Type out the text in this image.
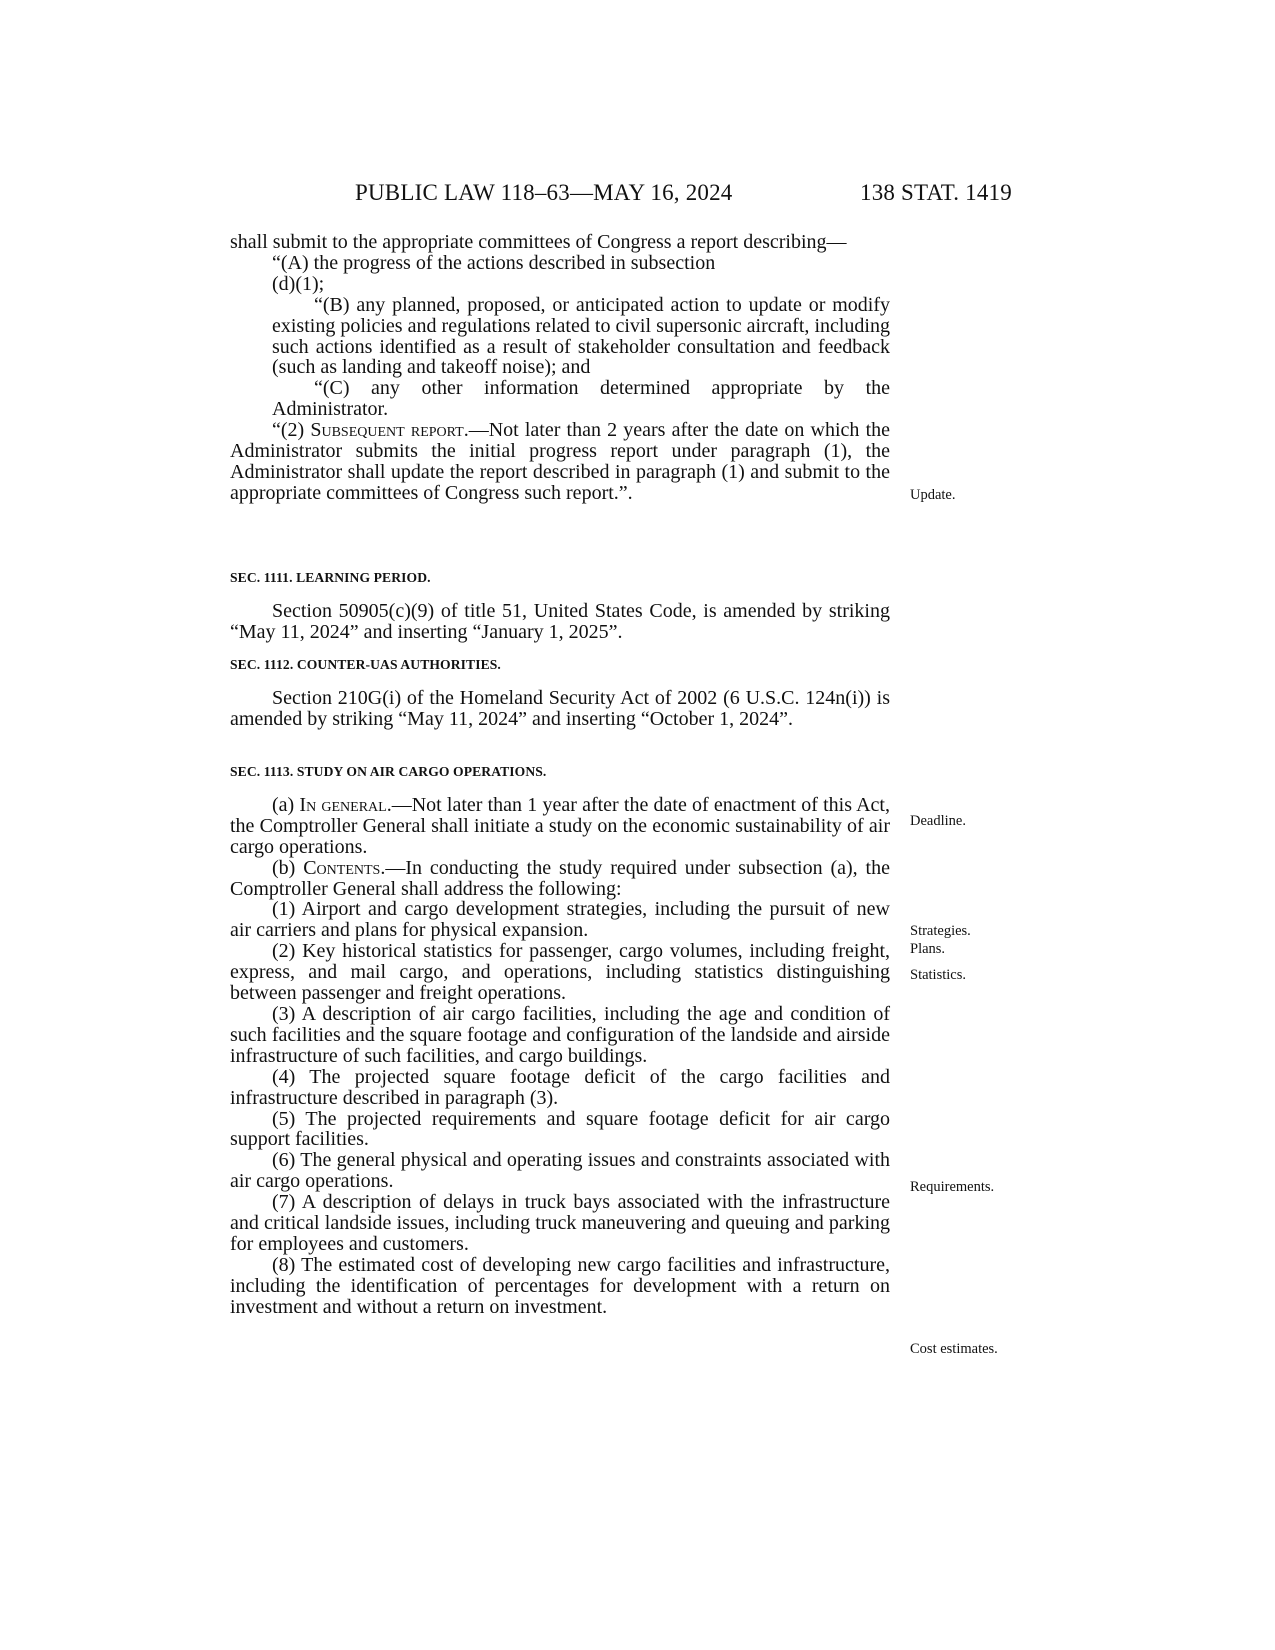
PUBLIC LAW 118–63—MAY 16, 2024	138 STAT. 1419

shall submit to the appropriate committees of Congress a report describing—

“(A) the progress of the actions described in subsection
(d)(1);

“(B) any planned, proposed, or anticipated action to update or modify existing policies and regulations related to civil supersonic aircraft, including such actions identified as a result of stakeholder consultation and feedback (such as landing and takeoff noise); and

“(C) any other information determined appropriate by the Administrator.

“(2) Subsequent report.—Not later than 2 years after the date on which the Administrator submits the initial progress report under paragraph (1), the Administrator shall update the report described in paragraph (1) and submit to the appropriate committees of Congress such report.”.

SEC. 1111. LEARNING PERIOD.

Section 50905(c)(9) of title 51, United States Code, is amended by striking “May 11, 2024” and inserting “January 1, 2025”.

SEC. 1112. COUNTER-UAS AUTHORITIES.

Section 210G(i) of the Homeland Security Act of 2002 (6 U.S.C. 124n(i)) is amended by striking “May 11, 2024” and inserting “October 1, 2024”.

SEC. 1113. STUDY ON AIR CARGO OPERATIONS.

(a) In general.—Not later than 1 year after the date of enactment of this Act, the Comptroller General shall initiate a study on the economic sustainability of air cargo operations.

(b) Contents.—In conducting the study required under subsection (a), the Comptroller General shall address the following:

(1) Airport and cargo development strategies, including the pursuit of new air carriers and plans for physical expansion.

(2) Key historical statistics for passenger, cargo volumes, including freight, express, and mail cargo, and operations, including statistics distinguishing between passenger and freight operations.

(3) A description of air cargo facilities, including the age and condition of such facilities and the square footage and configuration of the landside and airside infrastructure of such facilities, and cargo buildings.

(4) The projected square footage deficit of the cargo facilities and infrastructure described in paragraph (3).

(5) The projected requirements and square footage deficit for air cargo support facilities.

(6) The general physical and operating issues and constraints associated with air cargo operations.

(7) A description of delays in truck bays associated with the infrastructure and critical landside issues, including truck maneuvering and queuing and parking for employees and customers.

(8) The estimated cost of developing new cargo facilities and infrastructure, including the identification of percentages for development with a return on investment and without a return on investment.

Update.
Deadline.
Strategies.
Plans.
Statistics.
Requirements.
Cost estimates.
